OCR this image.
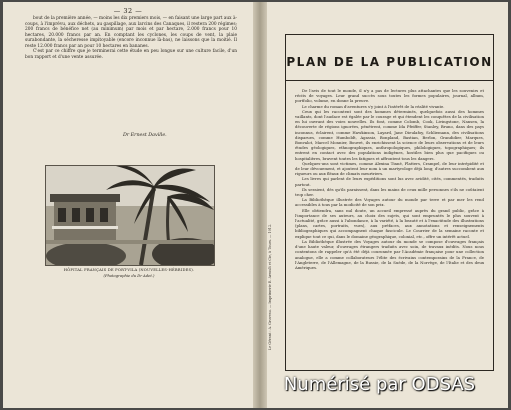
— 32 —

bout de la première année, — moins les dix premiers mois, — en faisant une large part aux à-coups, à l'imprévu, aux déchets, au gaspillage, aux larcins des Canaques, il restera 200 régimes; 200 francs de bénéfice net (au minimum) par mois et par hectare, 2.000 francs pour 10 hectares, 20.000 francs par an. En comptant les cyclones, les coups de vent, la plaie surabondante, la sécheresse impitoyable (encore inconnue là-bas), ne laissons que la moitié. Il reste 12.000 francs par an pour 10 hectares en bananes.

C'est par ce chiffre que je terminerai cette étude en peu longue sur une culture facile, d'un bon rapport et d'une vente assurée.

Dr Ernest Daville.
HÔPITAL FRANÇAIS DE PORT-VILA (NOUVELLES-HÉBRIDES).
(Photographie du Dr Adet.)	Le Gérant : A. Gruveau. — Imprimerie E. Arrault et Cie, à Tours. — 1912.
PLAN DE LA PUBLICATION

De l'avis de tout le monde, il n'y a pas de lectures plus attachantes que les souvenirs et récits de voyages. Leur grand succès sous toutes les formes populaires, journal, album, portfolio, volume, en donne la preuve.

Le charme du roman d'aventures s'y joint à l'intérêt de la réalité vivante.

Ceux qui les racontent sont des hommes déterminés, quelquefois aussi des hommes vaillants, dont l'audace est égalée par le courage et qui étendent les conquêtes de la civilisation en lui ouvrant des voies nouvelles. Ils font, comme Colomb, Cook, Livingstone, Nansen, la découverte de régions ignorées, pénètrent, comme Ida Pfeiffer, Stanley, Bruno, dans des pays inconnus, éclairent, comme Hawkinson, Layard, Jane Dieulafoy, Schliemann, des civilisations disparues, comme Humboldt, Agassiz, Bonpland, Bastian, Berlon, Grandidier, Marques, Bonvalot, Marcel Monnier, Bouvet, ils enrichissent la science de leurs observations et de leurs études géologiques, ethnographiques, anthropologiques, philologiques, topographiques; ils entrent en contact avec des populations indigènes, hostiles bien plus que pacifiques ou hospitalières, bravent toutes les fatigues et affrontent tous les dangers.

Quelques-uns sont victimes, comme Alexina Tinné, Flatters, Crampel, de leur intrépidité et de leur dévouement, et ajoutent leur nom à un martyrologe déjà long; d'autres succombent aux rigueurs ou aux fléaux de climats meurtriers.

Les livres qui parlent de leurs expéditions sont lus avec avidité, cités, commentés, traduits partout.

Ils seraient, dès qu'ils paraissent, dans les mains de ceux mille personnes s'ils ne coûtaient trop cher.

La Bibliothèque illustrée des Voyages autour du monde par terre et par mer les rend accessibles à tous par la modicité de son prix.

Elle obtiendra, sans nul doute, un accueil empressé auprès du grand public, grâce à l'importance de ses auteurs, au choix des sujets, qui sont empruntés le plus souvent à l'actualité, grâce aussi à l'abondance, à la variété, à la beauté et à l'exactitude des illustrations (plans, cartes, portraits, vues), aux préfaces, aux annotations et renseignements bibliographiques qui accompagnent chaque fascicule. Le Courrier de la semaine raconte et explique tout ce qui, dans le domaine géographique, colonial, etc., offre un intérêt actuel.

La Bibliothèque illustrée des Voyages autour du monde se compose d'ouvrages français d'une haute valeur, d'ouvrages étrangers traduits avec soin, de travaux inédits. Nous nous contentons de rappeler qu'à été déjà couronnée par l'Académie française pour une collection analogue, elle a comme collaborateurs l'élite des écrivains contemporains de la France, de l'Angleterre, de l'Allemagne, de la Russie, de la Suède, de la Norvège, de l'Italie et des deux Amériques.

Numérisé par ODSAS
